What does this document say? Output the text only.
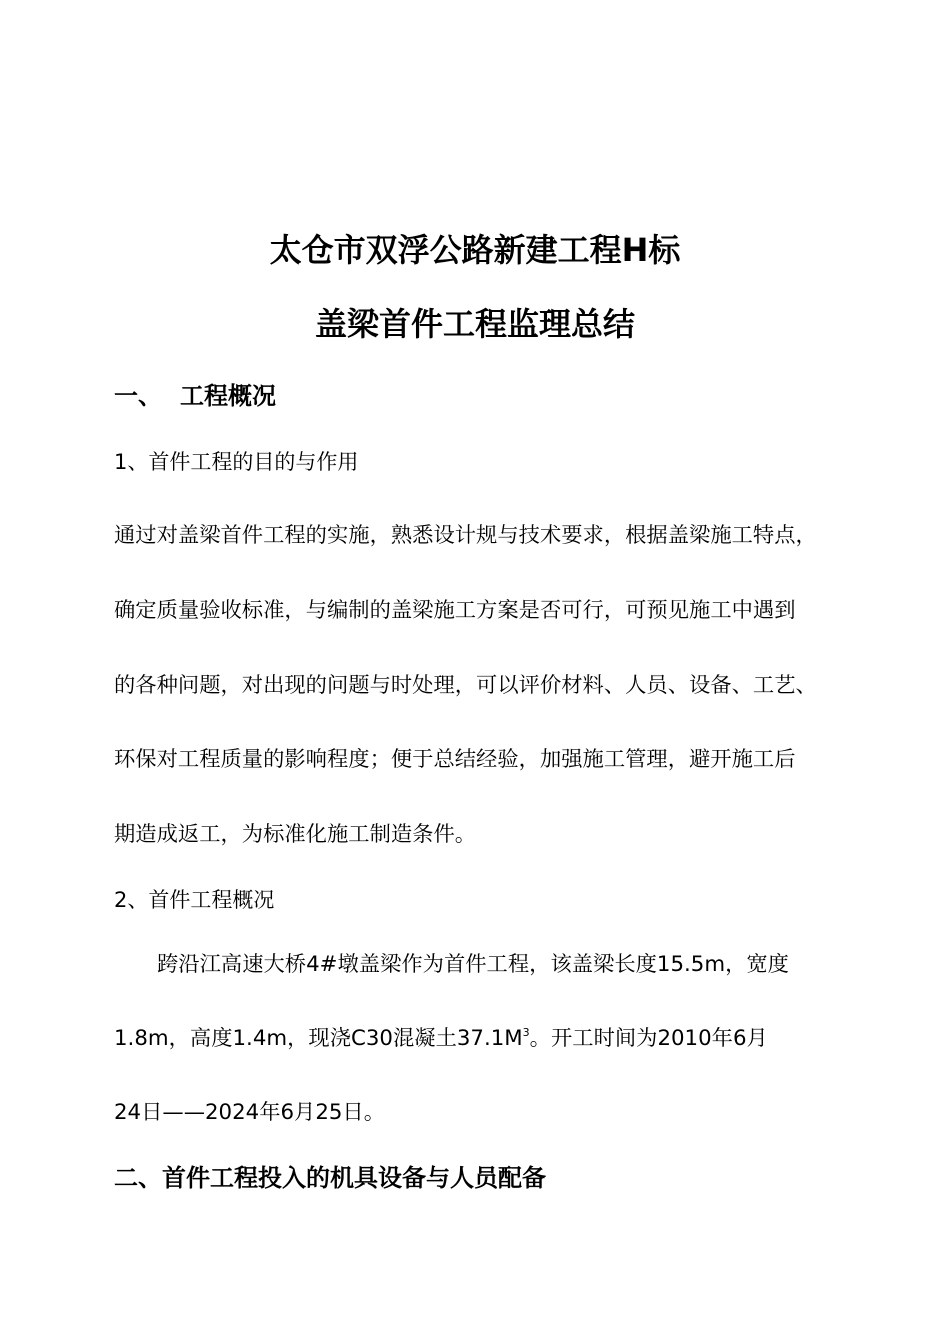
太仓市双浮公路新建工程H标
盖梁首件工程监理总结
一、 工程概况
1、首件工程的目的与作用
通过对盖梁首件工程的实施，熟悉设计规与技术要求，根据盖梁施工特点，
确定质量验收标准，与编制的盖梁施工方案是否可行，可预见施工中遇到
的各种问题，对出现的问题与时处理，可以评价材料、人员、设备、工艺、
环保对工程质量的影响程度；便于总结经验，加强施工管理，避开施工后
期造成返工，为标准化施工制造条件。
2、首件工程概况
跨沿江高速大桥4#墩盖梁作为首件工程，该盖梁长度15.5m，宽度
1.8m，高度1.4m，现浇C30混凝土$37.1M^3$。开工时间为2010年6月
24日——2024年6月25日。
二、首件工程投入的机具设备与人员配备
